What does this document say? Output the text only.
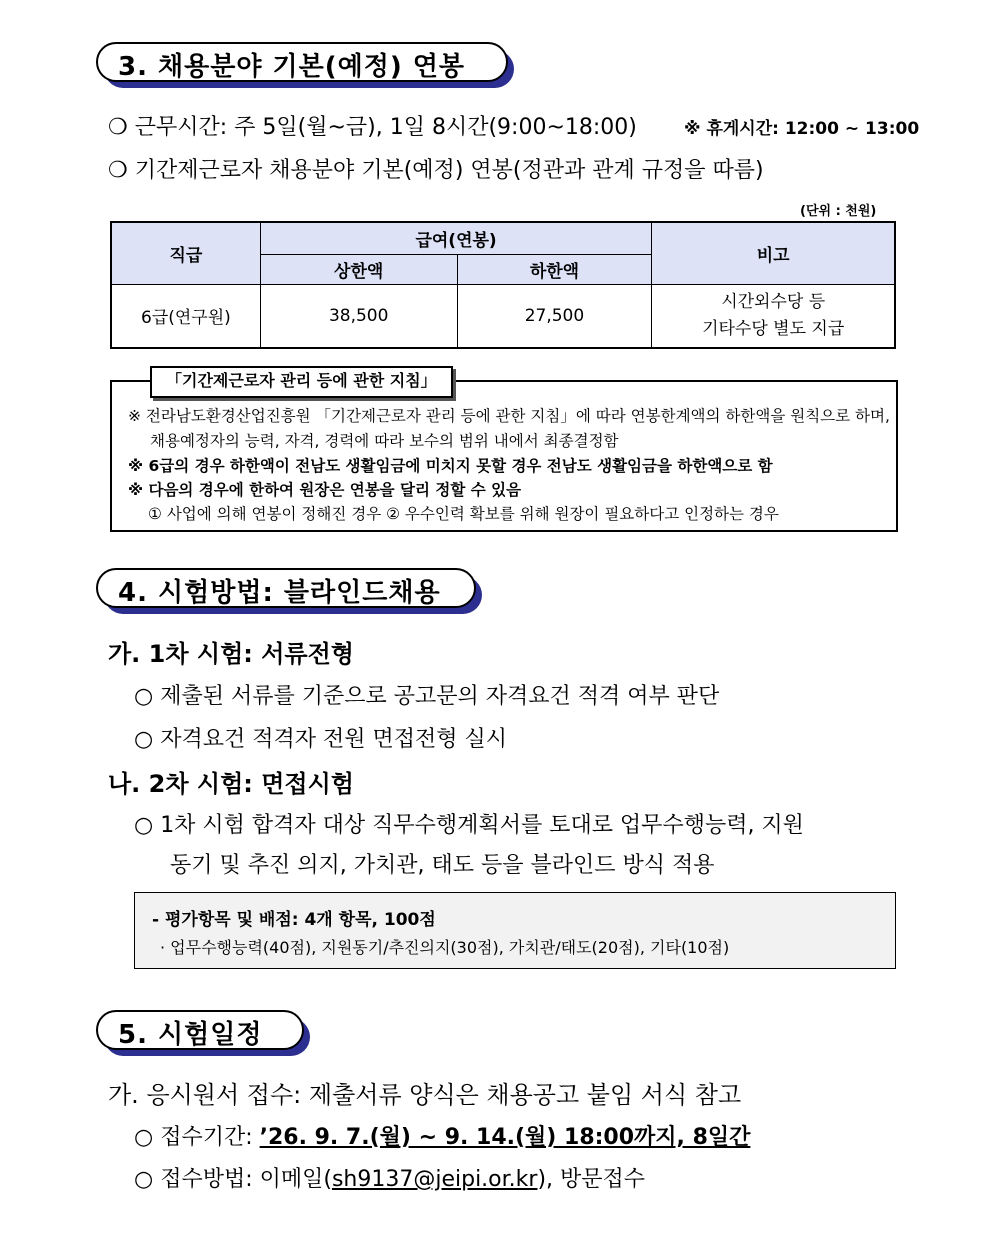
3. 채용분야 기본(예정) 연봉
❍ 근무시간: 주 5일(월~금), 1일 8시간(9:00~18:00)	※ 휴게시간: 12:00 ~ 13:00
❍ 기간제근로자 채용분야 기본(예정) 연봉(정관과 관계 규정을 따름)
(단위 : 천원)
직급	급여(연봉)		비고
	상한액	하한액	
6급(연구원)	38,500	27,500	시간외수당 등
기타수당 별도 지급
「기간제근로자 관리 등에 관한 지침」
※ 전라남도환경산업진흥원 「기간제근로자 관리 등에 관한 지침」에 따라 연봉한계액의 하한액을 원칙으로 하며,
채용예정자의 능력, 자격, 경력에 따라 보수의 범위 내에서 최종결정함
※ 6급의 경우 하한액이 전남도 생활임금에 미치지 못할 경우 전남도 생활임금을 하한액으로 함
※ 다음의 경우에 한하여 원장은 연봉을 달리 정할 수 있음
① 사업에 의해 연봉이 정해진 경우 ② 우수인력 확보를 위해 원장이 필요하다고 인정하는 경우
4. 시험방법: 블라인드채용
가. 1차 시험: 서류전형
○ 제출된 서류를 기준으로 공고문의 자격요건 적격 여부 판단
○ 자격요건 적격자 전원 면접전형 실시
나. 2차 시험: 면접시험
○ 1차 시험 합격자 대상 직무수행계획서를 토대로 업무수행능력, 지원
동기 및 추진 의지, 가치관, 태도 등을 블라인드 방식 적용
- 평가항목 및 배점: 4개 항목, 100점
· 업무수행능력(40점), 지원동기/추진의지(30점), 가치관/태도(20점), 기타(10점)
5. 시험일정
가. 응시원서 접수: 제출서류 양식은 채용공고 붙임 서식 참고
○ 접수기간: ’26. 9. 7.(월) ~ 9. 14.(월) 18:00까지, 8일간
○ 접수방법: 이메일(sh9137@jeipi.or.kr), 방문접수
